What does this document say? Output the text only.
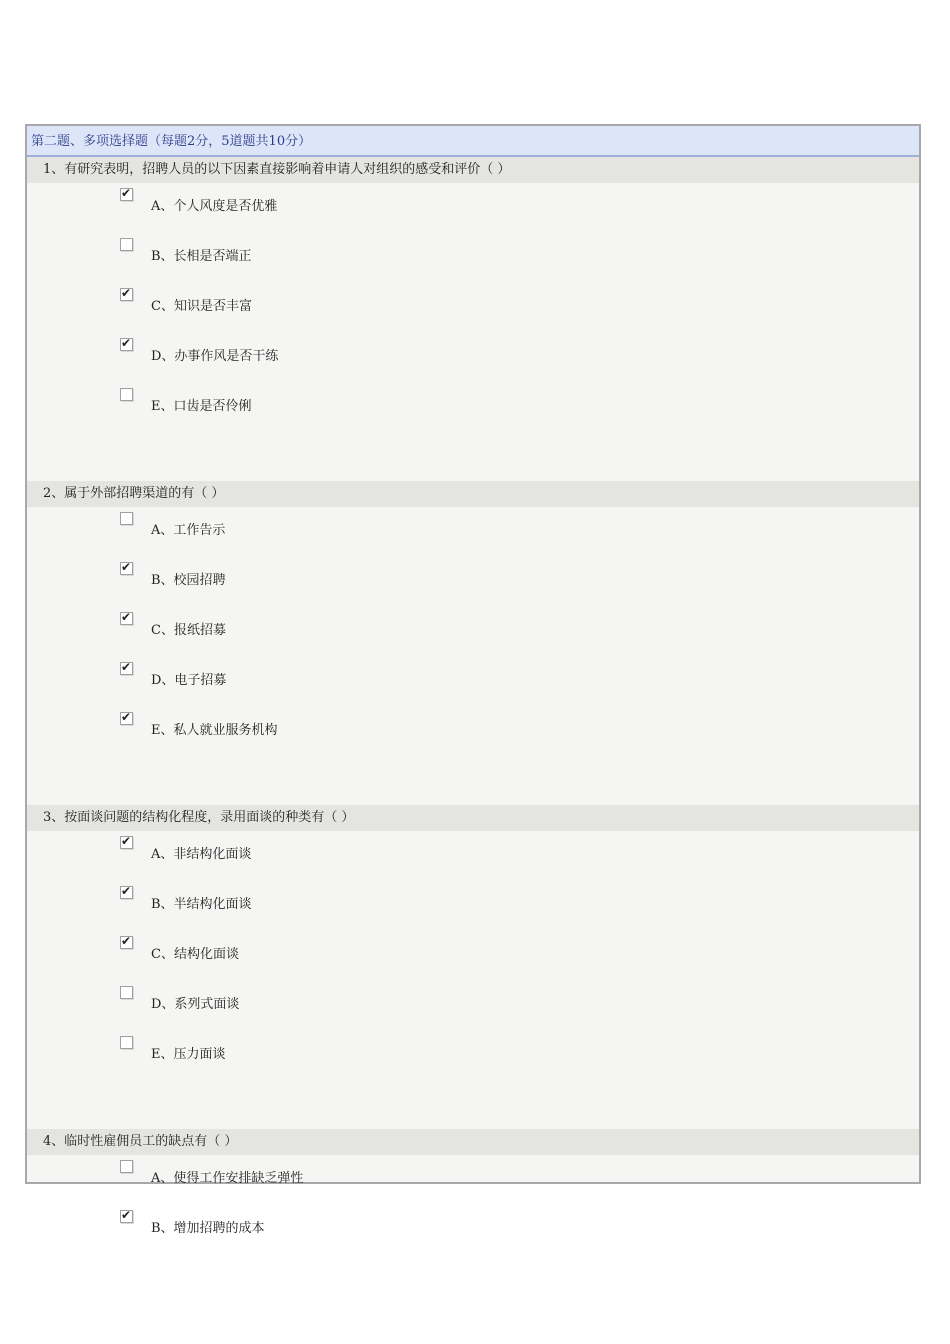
第二题、多项选择题（每题2分，5道题共10分）
1、有研究表明，招聘人员的以下因素直接影响着申请人对组织的感受和评价（ ）
✔
A、个人风度是否优雅
B、长相是否端正
✔
C、知识是否丰富
✔
D、办事作风是否干练
E、口齿是否伶俐
2、属于外部招聘渠道的有（ ）
A、工作告示
✔
B、校园招聘
✔
C、报纸招募
✔
D、电子招募
✔
E、私人就业服务机构
3、按面谈问题的结构化程度，录用面谈的种类有（ ）
✔
A、非结构化面谈
✔
B、半结构化面谈
✔
C、结构化面谈
D、系列式面谈
E、压力面谈
4、临时性雇佣员工的缺点有（ ）
A、使得工作安排缺乏弹性
✔
B、增加招聘的成本
